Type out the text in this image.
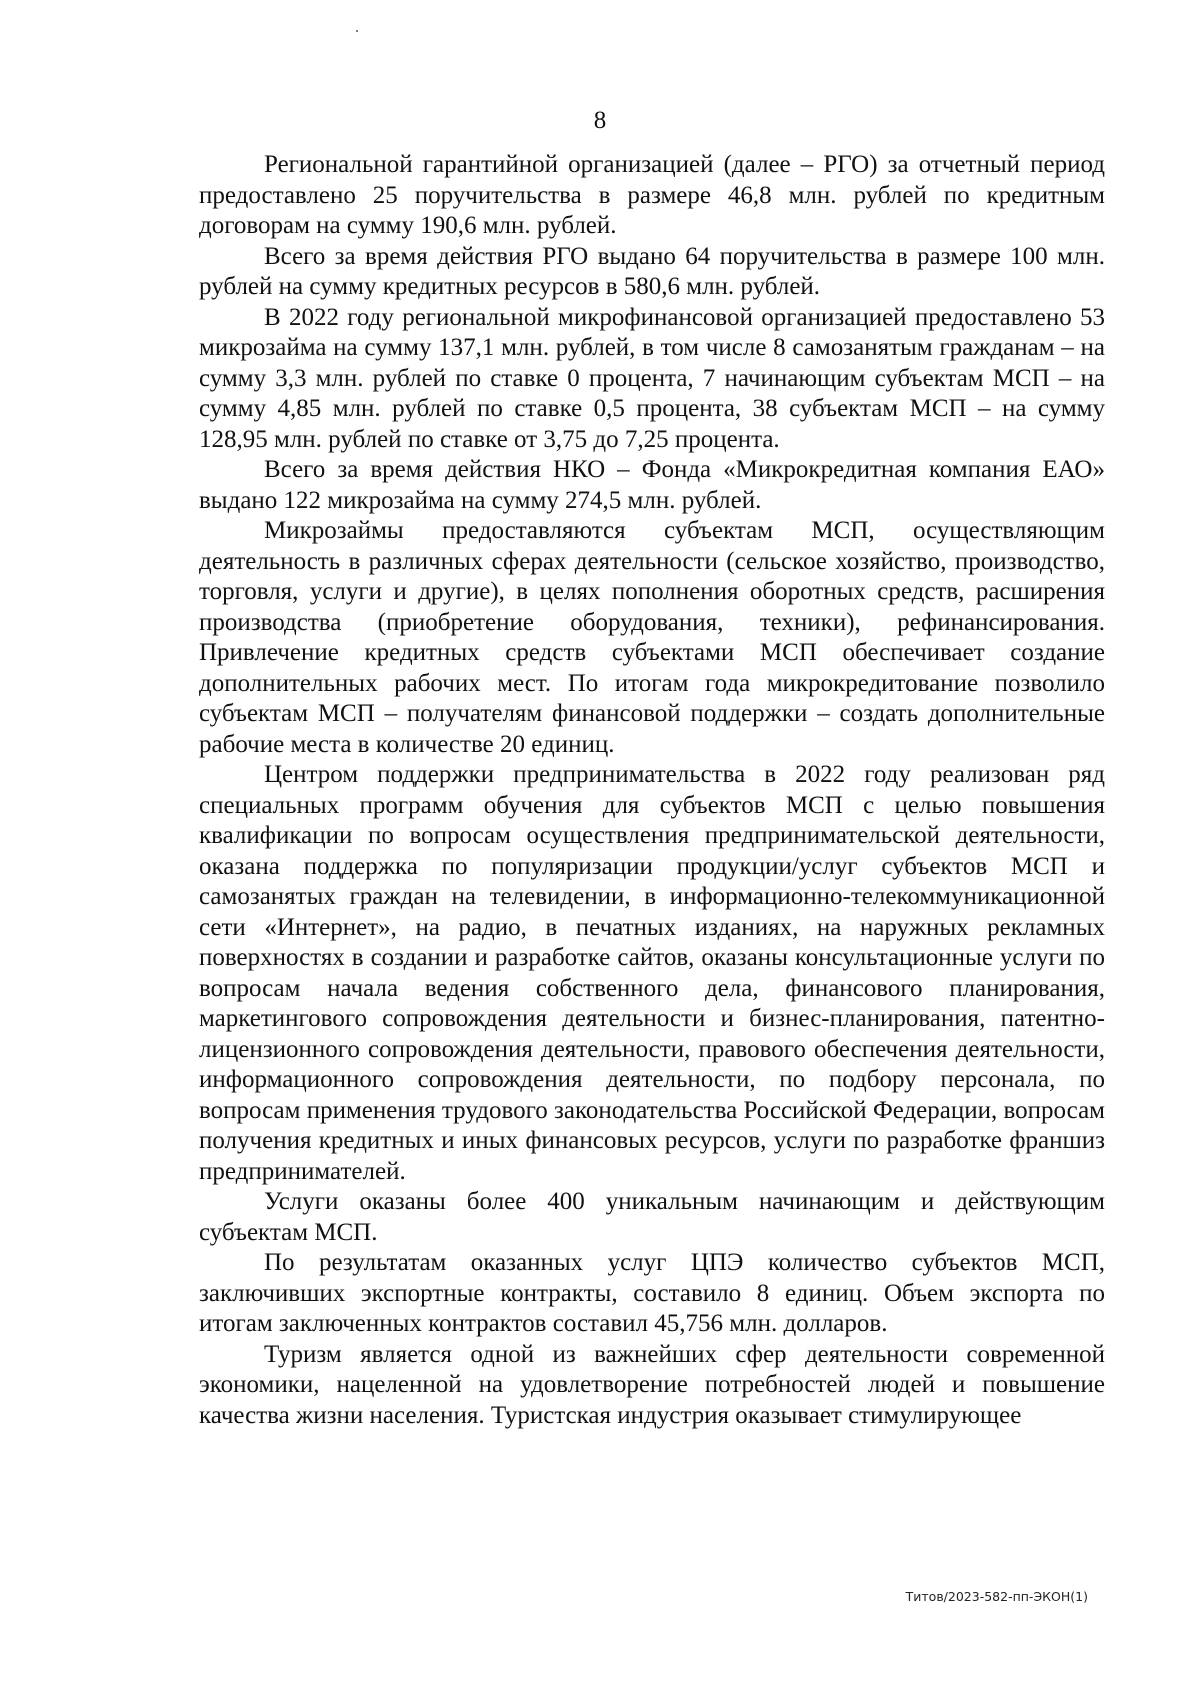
8

Региональной гарантийной организацией (далее – РГО) за отчетный период предоставлено 25 поручительства в размере 46,8 млн. рублей по кредитным договорам на сумму 190,6 млн. рублей.

Всего за время действия РГО выдано 64 поручительства в размере 100 млн. рублей на сумму кредитных ресурсов в 580,6 млн. рублей.

В 2022 году региональной микрофинансовой организацией предоставлено 53 микрозайма на сумму 137,1 млн. рублей, в том числе 8 самозанятым гражданам – на сумму 3,3 млн. рублей по ставке 0 процента, 7 начинающим субъектам МСП – на сумму 4,85 млн. рублей по ставке 0,5 процента, 38 субъектам МСП – на сумму 128,95 млн. рублей по ставке от 3,75 до 7,25 процента.

Всего за время действия НКО – Фонда «Микрокредитная компания ЕАО» выдано 122 микрозайма на сумму 274,5 млн. рублей.

Микрозаймы предоставляются субъектам МСП, осуществляющим деятельность в различных сферах деятельности (сельское хозяйство, производство, торговля, услуги и другие), в целях пополнения оборотных средств, расширения производства (приобретение оборудования, техники), рефинансирования. Привлечение кредитных средств субъектами МСП обеспечивает создание дополнительных рабочих мест. По итогам года микрокредитование позволило субъектам МСП – получателям финансовой поддержки – создать дополнительные рабочие места в количестве 20 единиц.

Центром поддержки предпринимательства в 2022 году реализован ряд специальных программ обучения для субъектов МСП с целью повышения квалификации по вопросам осуществления предпринимательской деятельности, оказана поддержка по популяризации продукции/услуг субъектов МСП и самозанятых граждан на телевидении, в информационно-телекоммуникационной сети «Интернет», на радио, в печатных изданиях, на наружных рекламных поверхностях в создании и разработке сайтов, оказаны консультационные услуги по вопросам начала ведения собственного дела, финансового планирования, маркетингового сопровождения деятельности и бизнес-планирования, патентно-лицензионного сопровождения деятельности, правового обеспечения деятельности, информационного сопровождения деятельности, по подбору персонала, по вопросам применения трудового законодательства Российской Федерации, вопросам получения кредитных и иных финансовых ресурсов, услуги по разработке франшиз предпринимателей.

Услуги оказаны более 400 уникальным начинающим и действующим субъектам МСП.

По результатам оказанных услуг ЦПЭ количество субъектов МСП, заключивших экспортные контракты, составило 8 единиц. Объем экспорта по итогам заключенных контрактов составил 45,756 млн. долларов.

Туризм является одной из важнейших сфер деятельности современной экономики, нацеленной на удовлетворение потребностей людей и повышение качества жизни населения. Туристская индустрия оказывает стимулирующее

Титов/2023-582-пп-ЭКОН(1)
